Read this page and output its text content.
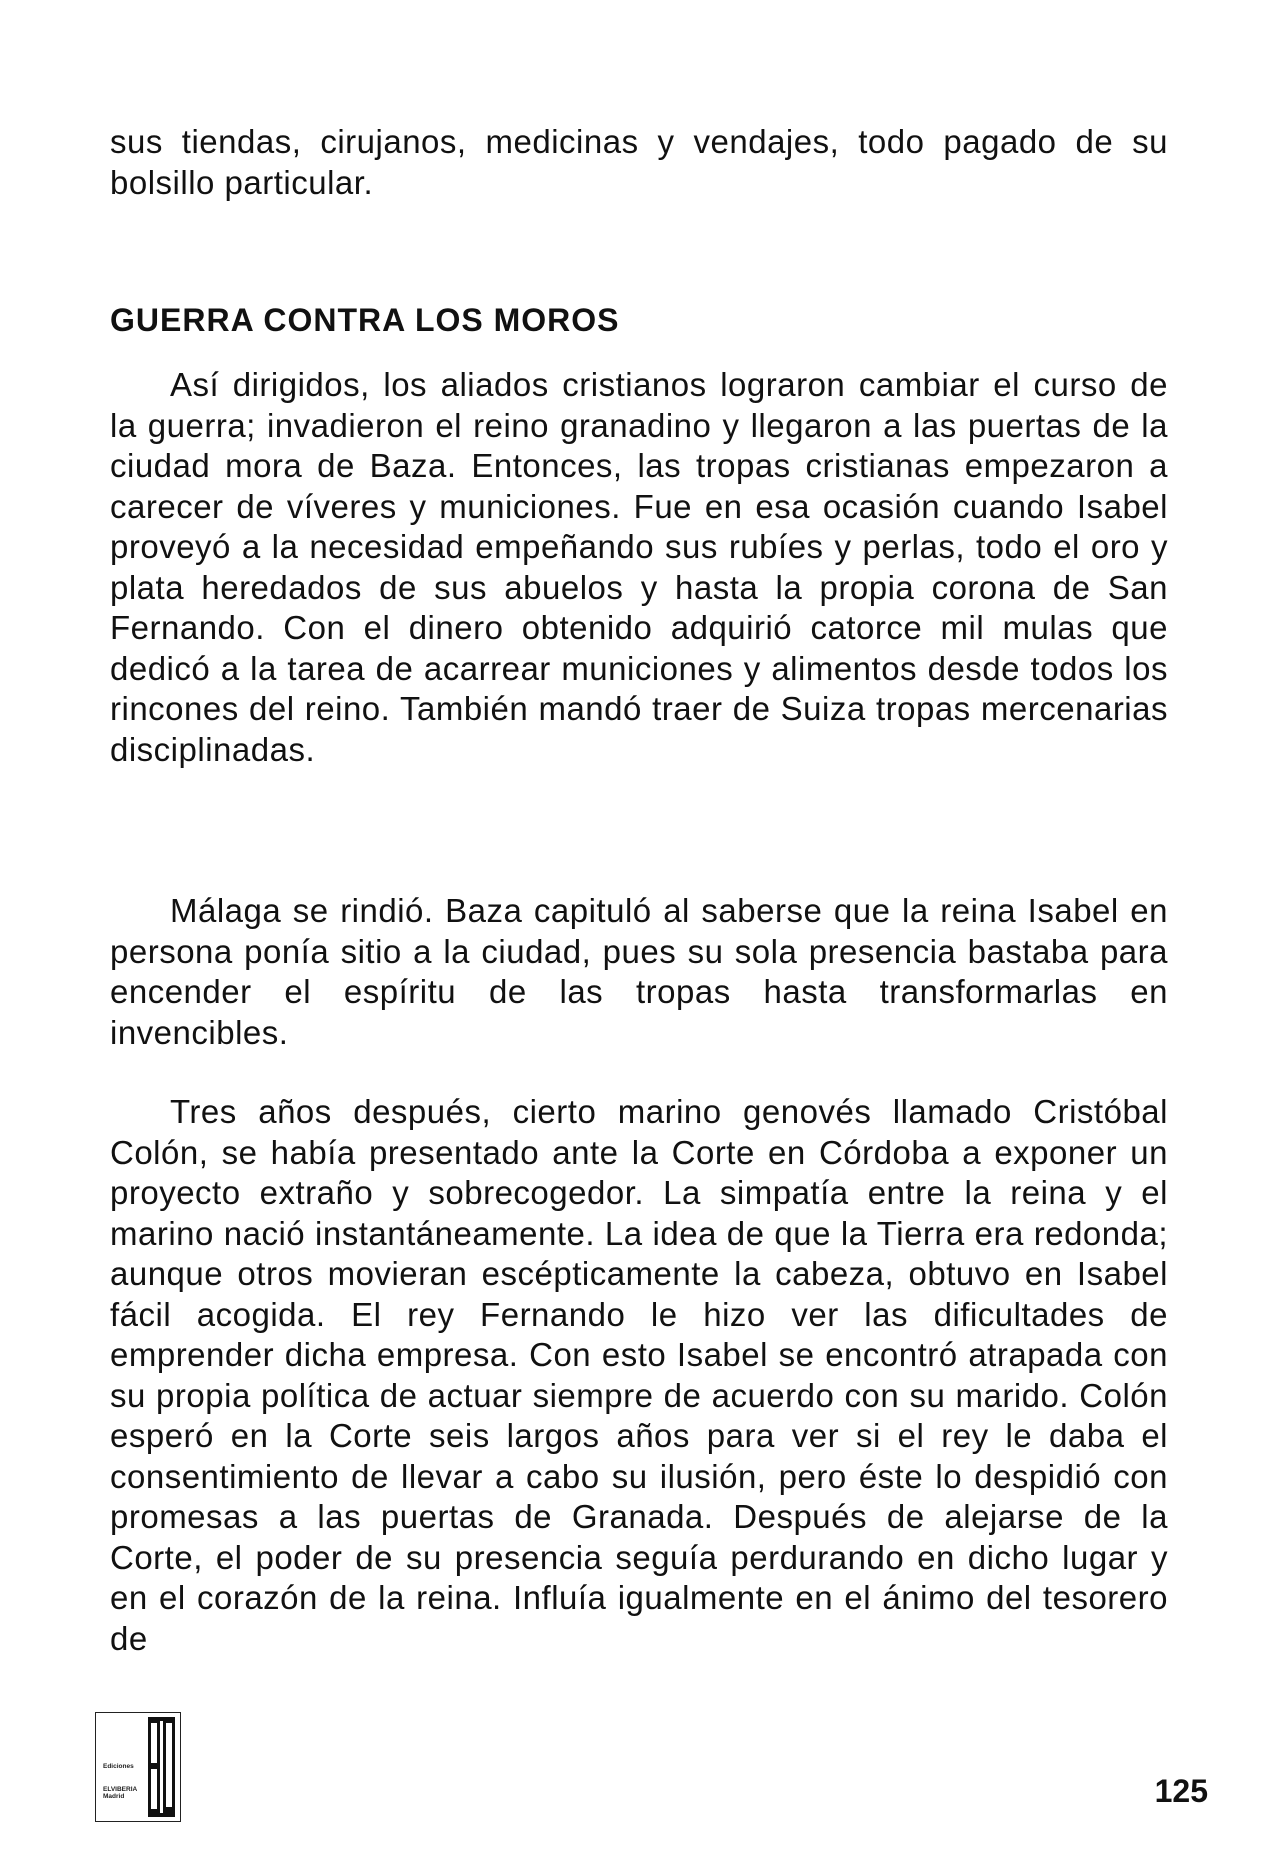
sus tiendas, cirujanos, medicinas y vendajes, todo pagado de su bolsillo particular.

GUERRA CONTRA LOS MOROS

Así dirigidos, los aliados cristianos lograron cambiar el curso de la guerra; invadieron el reino granadino y llegaron a las puertas de la ciudad mora de Baza. Entonces, las tropas cristianas empezaron a carecer de víveres y municiones. Fue en esa ocasión cuando Isabel proveyó a la necesidad empeñando sus rubíes y perlas, todo el oro y plata heredados de sus abuelos y hasta la propia corona de San Fernando. Con el dinero obtenido adquirió catorce mil mulas que dedicó a la tarea de acarrear municiones y alimentos desde todos los rincones del reino. También mandó traer de Suiza tropas mercenarias disciplinadas.

Málaga se rindió. Baza capituló al saberse que la reina Isabel en persona ponía sitio a la ciudad, pues su sola presencia bastaba para encender el espíritu de las tropas hasta transformarlas en invencibles.

Tres años después, cierto marino genovés llamado Cristóbal Colón, se había presentado ante la Corte en Córdoba a exponer un proyecto extraño y sobrecogedor. La simpatía entre la reina y el marino nació instantáneamente. La idea de que la Tierra era redonda; aunque otros movieran escépticamente la cabeza, obtuvo en Isabel fácil acogida. El rey Fernando le hizo ver las dificultades de emprender dicha empresa. Con esto Isabel se encontró atrapada con su propia política de actuar siempre de acuerdo con su marido. Colón esperó en la Corte seis largos años para ver si el rey le daba el consentimiento de llevar a cabo su ilusión, pero éste lo despidió con promesas a las puertas de Granada. Después de alejarse de la Corte, el poder de su presencia seguía perdurando en dicho lugar y en el corazón de la reina. Influía igualmente en el ánimo del tesorero de

Ediciones
ELVIBERIA
Madrid	125
